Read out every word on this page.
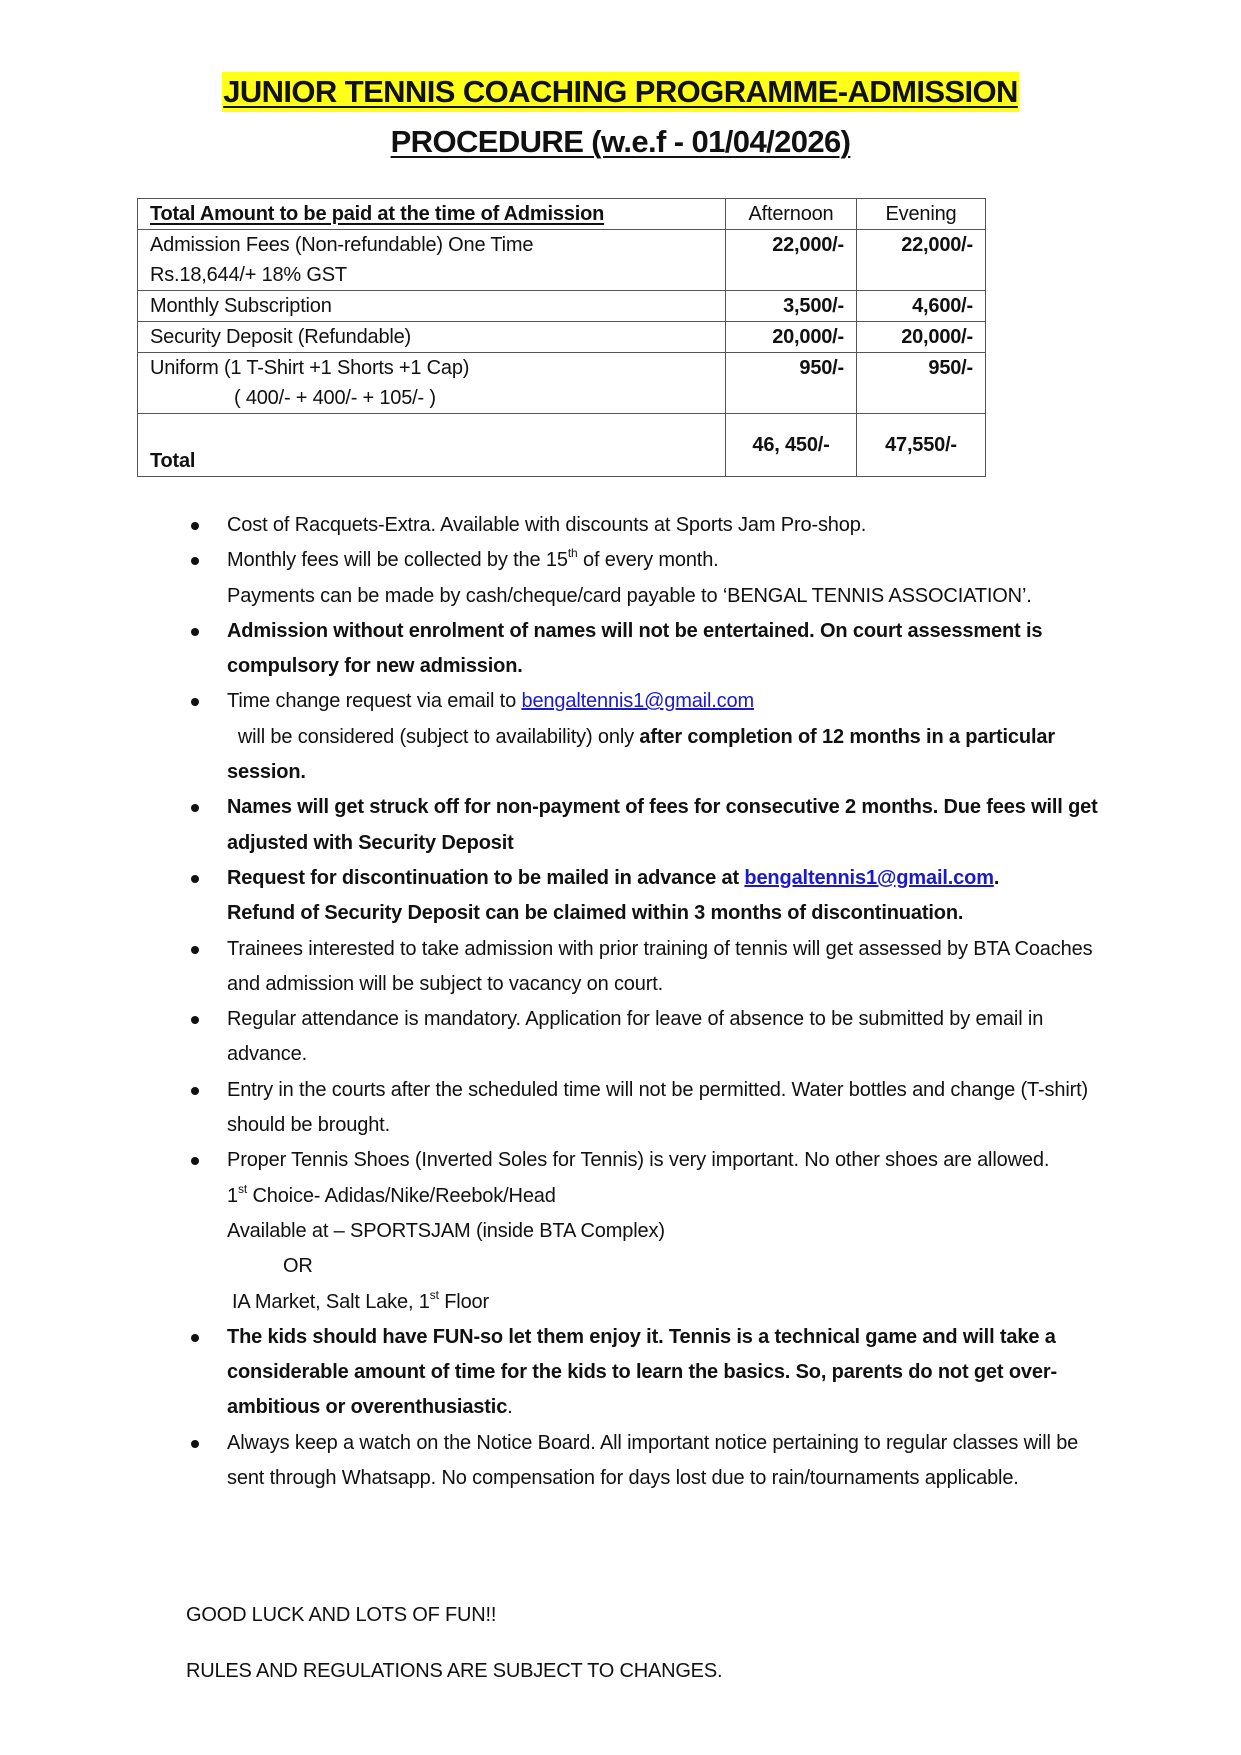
JUNIOR TENNIS COACHING PROGRAMME-ADMISSION
PROCEDURE (w.e.f - 01/04/2026)
Total Amount to be paid at the time of Admission	Afternoon	Evening

Admission Fees (Non-refundable) One Time
Rs.18,644/+ 18% GST	22,000/-	22,000/-
Monthly Subscription	3,500/-	4,600/-
Security Deposit (Refundable)	20,000/-	20,000/-

Uniform (1 T-Shirt +1 Shorts +1 Cap)
( 400/- + 400/- + 105/- )	950/-	950/-
Total	46, 450/-	47,550/-
Cost of Racquets-Extra. Available with discounts at Sports Jam Pro-shop.
Monthly fees will be collected by the 15th of every month.
Payments can be made by cash/cheque/card payable to ‘BENGAL TENNIS ASSOCIATION’.
Admission without enrolment of names will not be entertained. On court assessment is compulsory for new admission.
Time change request via email to bengaltennis1@gmail.com  will be considered (subject to availability) only after completion of 12 months in a particular session.
Names will get struck off for non-payment of fees for consecutive 2 months. Due fees will get adjusted with Security Deposit
Request for discontinuation to be mailed in advance at bengaltennis1@gmail.com.
Refund of Security Deposit can be claimed within 3 months of discontinuation.
Trainees interested to take admission with prior training of tennis will get assessed by BTA Coaches and admission will be subject to vacancy on court.
Regular attendance is mandatory. Application for leave of absence to be submitted by email in advance.
Entry in the courts after the scheduled time will not be permitted. Water bottles and change (T-shirt) should be brought.
Proper Tennis Shoes (Inverted Soles for Tennis) is very important. No other shoes are allowed.
1st Choice- Adidas/Nike/Reebok/Head
Available at – SPORTSJAM (inside BTA Complex)
OR
IA Market, Salt Lake, 1st Floor
The kids should have FUN-so let them enjoy it. Tennis is a technical game and will take a considerable amount of time for the kids to learn the basics. So, parents do not get over-ambitious or overenthusiastic.
Always keep a watch on the Notice Board. All important notice pertaining to regular classes will be sent through Whatsapp. No compensation for days lost due to rain/tournaments applicable.
GOOD LUCK AND LOTS OF FUN!!
RULES AND REGULATIONS ARE SUBJECT TO CHANGES.
